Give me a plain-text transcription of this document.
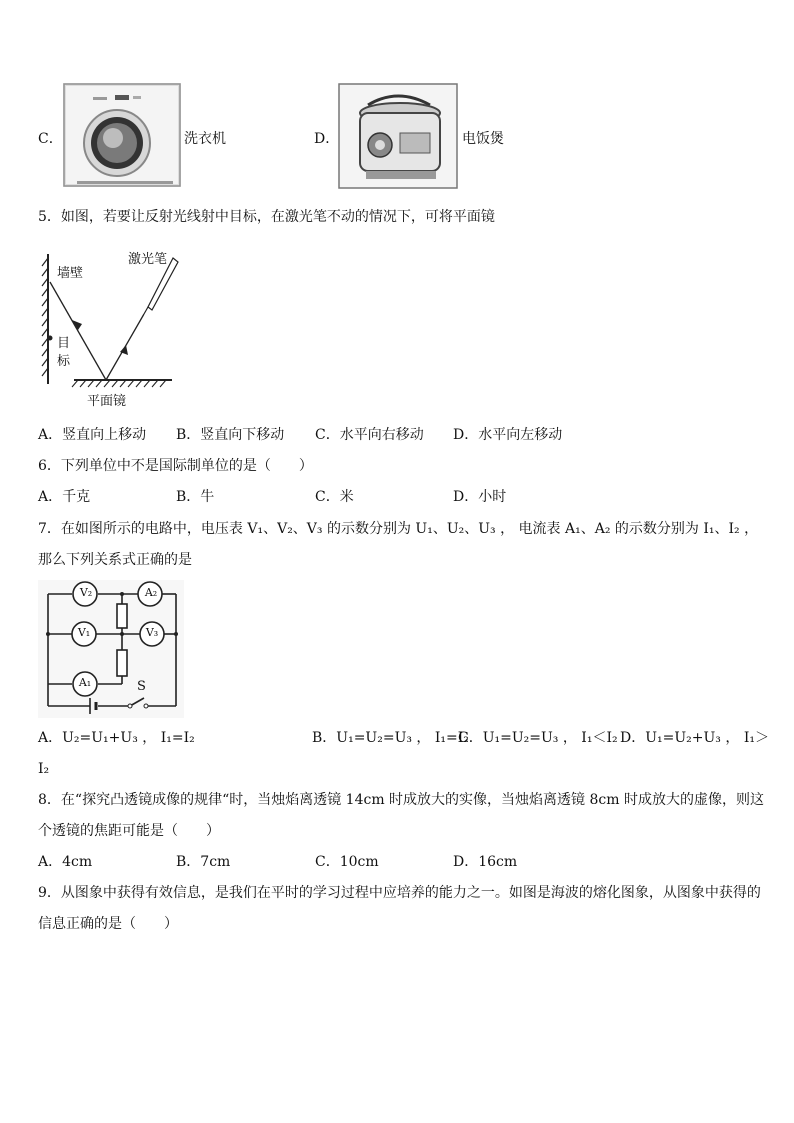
C．	洗衣机	D．	电饭煲
5．如图，若要让反射光线射中目标，在激光笔不动的情况下，可将平面镜
墙壁
激光笔
目
标
平面镜
A．竖直向上移动 B．竖直向下移动 C．水平向右移动 D．水平向左移动
6．下列单位中不是国际制单位的是（　　）
A．千克	B．牛	C．米	D．小时
7．在如图所示的电路中，电压表 V₁、V₂、V₃ 的示数分别为 U₁、U₂、U₃ ， 电流表 A₁、A₂ 的示数分别为 I₁、I₂ ，
那么下列关系式正确的是
V₂	A₂
V₁	V₃
A₁	S
A．U₂=U₁+U₃ ， I₁=I₂	B．U₁=U₂=U₃ ， I₁=I₂
C．U₁=U₂=U₃ ， I₁＜I₂ D．U₁=U₂+U₃ ， I₁＞
I₂
8．在“探究凸透镜成像的规律“时，当烛焰离透镜 14cm 时成放大的实像，当烛焰离透镜 8cm 时成放大的虚像，则这
个透镜的焦距可能是（　　）
A．4cm	B．7cm	C．10cm	D．16cm
9．从图象中获得有效信息，是我们在平时的学习过程中应培养的能力之一。如图是海波的熔化图象，从图象中获得的
信息正确的是（　　）
